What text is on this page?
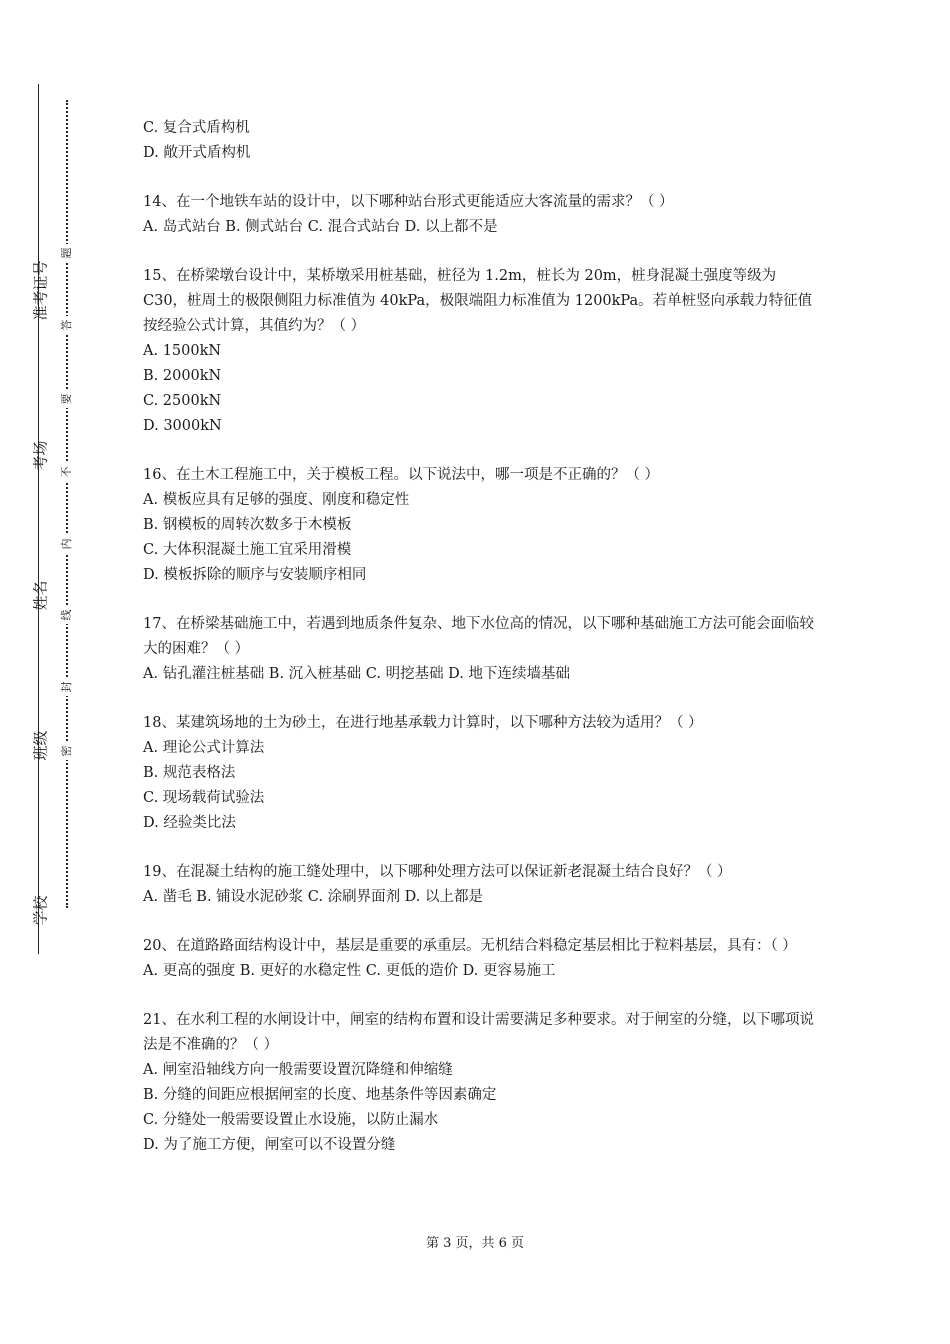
准考证号
考场
姓名
班级
学校
题
答
要
不
内
线
封
密

C. 复合式盾构机

D. 敞开式盾构机

14、在一个地铁车站的设计中，以下哪种站台形式更能适应大客流量的需求？（ ）

A. 岛式站台 B. 侧式站台 C. 混合式站台 D. 以上都不是

15、在桥梁墩台设计中，某桥墩采用桩基础，桩径为 1.2m，桩长为 20m，桩身混凝土强度等级为 C30，桩周土的极限侧阻力标准值为 40kPa，极限端阻力标准值为 1200kPa。若单桩竖向承载力特征值按经验公式计算，其值约为？（ ）

A. 1500kN

B. 2000kN

C. 2500kN

D. 3000kN

16、在土木工程施工中，关于模板工程。以下说法中，哪一项是不正确的？（ ）

A. 模板应具有足够的强度、刚度和稳定性

B. 钢模板的周转次数多于木模板

C. 大体积混凝土施工宜采用滑模

D. 模板拆除的顺序与安装顺序相同

17、在桥梁基础施工中，若遇到地质条件复杂、地下水位高的情况，以下哪种基础施工方法可能会面临较大的困难？（ ）

A. 钻孔灌注桩基础 B. 沉入桩基础 C. 明挖基础 D. 地下连续墙基础

18、某建筑场地的土为砂土，在进行地基承载力计算时，以下哪种方法较为适用？（ ）

A. 理论公式计算法

B. 规范表格法

C. 现场载荷试验法

D. 经验类比法

19、在混凝土结构的施工缝处理中，以下哪种处理方法可以保证新老混凝土结合良好？（ ）

A. 凿毛 B. 铺设水泥砂浆 C. 涂刷界面剂 D. 以上都是

20、在道路路面结构设计中，基层是重要的承重层。无机结合料稳定基层相比于粒料基层，具有：（ ）

A. 更高的强度 B. 更好的水稳定性 C. 更低的造价 D. 更容易施工

21、在水利工程的水闸设计中，闸室的结构布置和设计需要满足多种要求。对于闸室的分缝，以下哪项说法是不准确的？（ ）

A. 闸室沿轴线方向一般需要设置沉降缝和伸缩缝

B. 分缝的间距应根据闸室的长度、地基条件等因素确定

C. 分缝处一般需要设置止水设施，以防止漏水

D. 为了施工方便，闸室可以不设置分缝

第 3 页，共 6 页
